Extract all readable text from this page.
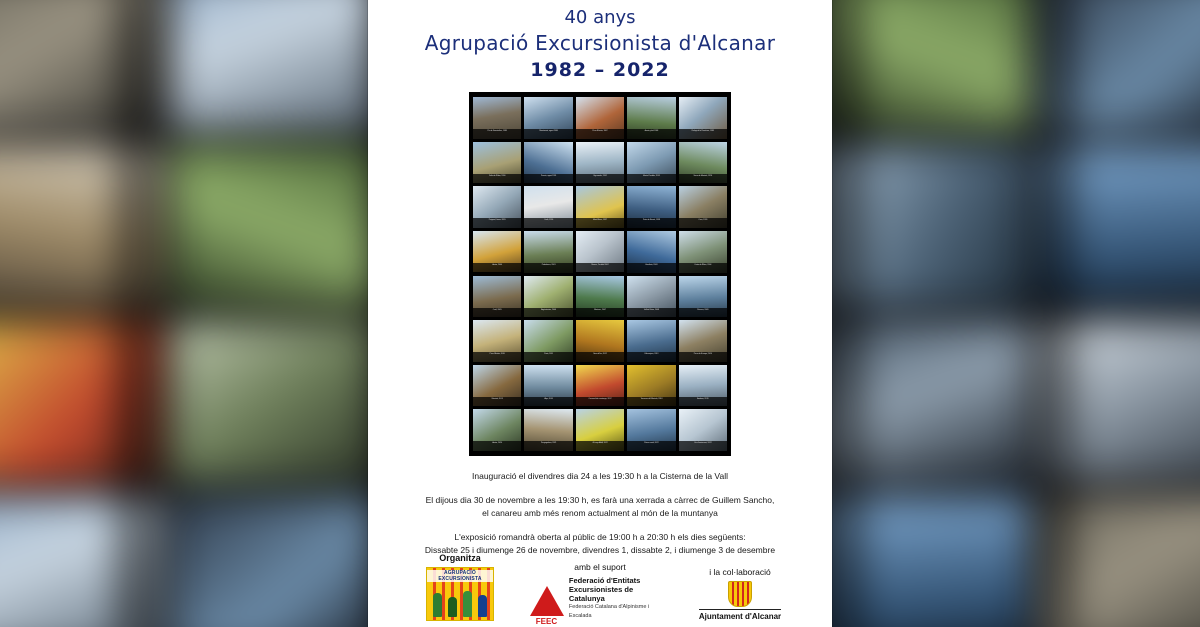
40 anys
Agrupació Excursionista d'Alcanar
1982 – 2022
Pic de Finestrelles, 1985	Montserrat, agost 1986	Pica d'Estats, 1987	Aneto, juliol 1988	Refugi de la Renclusa, 1989
Delta de l'Ebre, 1990	Posets, agost 1991	Vignemale, 1992	Monte Perdido, 1993	Serra de Montsià, 1994
Puigmal, hivern 1995	Carlit, 1996	Mont Blanc, 1997	Ports de Beseit, 1998	Caro, 1999
Aneto, 2000	Pedraforca, 2001	Marroc, Toubkal 2002	Himàlaia, 2003	Costa de l'Ebre, 2004
Cadí, 2005	Aigüestortes, 2006	Montsec, 2007	Vall de Núria, 2008	Pirineus, 2009
Pica d'Estats, 2010	Ports, 2011	Serra d'Irta, 2012	Kilimanjaro, 2013	Picos de Europa, 2014
Montsià, 2015	Alps, 2016	Carnaval de muntanya, 2017	Travessa del Montsià, 2018	Andorra, 2019
Aneto, 2020	Penyagolosa, 2021	40 anys AEA, 2022	Pirineu axial, 2022	Cim d'aniversari, 2022
Inauguració el divendres dia 24 a les 19:30 h a la Cisterna de la Vall
El dijous dia 30 de novembre a les 19:30 h, es farà una xerrada a càrrec de Guillem Sancho,
el canareu amb més renom actualment al món de la muntanya
L'exposició romandrà oberta al públic de 19:00 h a 20:30 h els dies següents:
Dissabte 25 i diumenge 26 de novembre, divendres 1, dissabte 2, i diumenge 3 de desembre
Organitza
AGRUPACIÓ EXCURSIONISTA
amb el suport
FEEC
Federació d'Entitats
Excursionistes de Catalunya
Federació Catalana d'Alpinisme i Escalada
i la col·laboració
Ajuntament d'Alcanar
